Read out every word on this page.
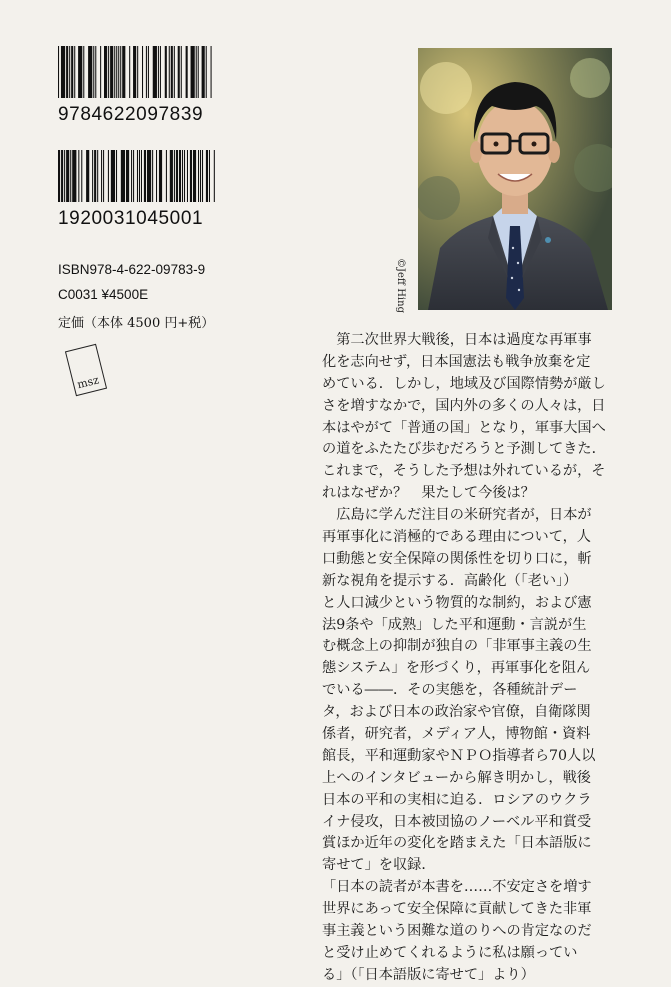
9784622097839
1920031045001
ISBN978-4-622-09783-9
C0031 ¥4500E
定価（本体 4500 円+税）
msz
©Jeff Hing
　第二次世界大戦後，日本は過度な再軍事
化を志向せず，日本国憲法も戦争放棄を定
めている．しかし，地域及び国際情勢が厳し
さを増すなかで，国内外の多くの人々は，日
本はやがて「普通の国」となり，軍事大国へ
の道をふたたび歩むだろうと予測してきた．
これまで，そうした予想は外れているが，そ
れはなぜか？　果たして今後は？
　広島に学んだ注目の米研究者が，日本が
再軍事化に消極的である理由について，人
口動態と安全保障の関係性を切り口に，斬
新な視角を提示する．高齢化（「老い」）
と人口減少という物質的な制約，および憲
法9条や「成熟」した平和運動・言説が生
む概念上の抑制が独自の「非軍事主義の生
態システム」を形づくり，再軍事化を阻ん
でいる――．その実態を，各種統計デー
タ，および日本の政治家や官僚，自衛隊関
係者，研究者，メディア人，博物館・資料
館長，平和運動家やＮＰＯ指導者ら70人以
上へのインタビューから解き明かし，戦後
日本の平和の実相に迫る．ロシアのウクラ
イナ侵攻，日本被団協のノーベル平和賞受
賞ほか近年の変化を踏まえた「日本語版に
寄せて」を収録．
「日本の読者が本書を……不安定さを増す
世界にあって安全保障に貢献してきた非軍
事主義という困難な道のりへの肯定なのだ
と受け止めてくれるように私は願ってい
る」（「日本語版に寄せて」より）
